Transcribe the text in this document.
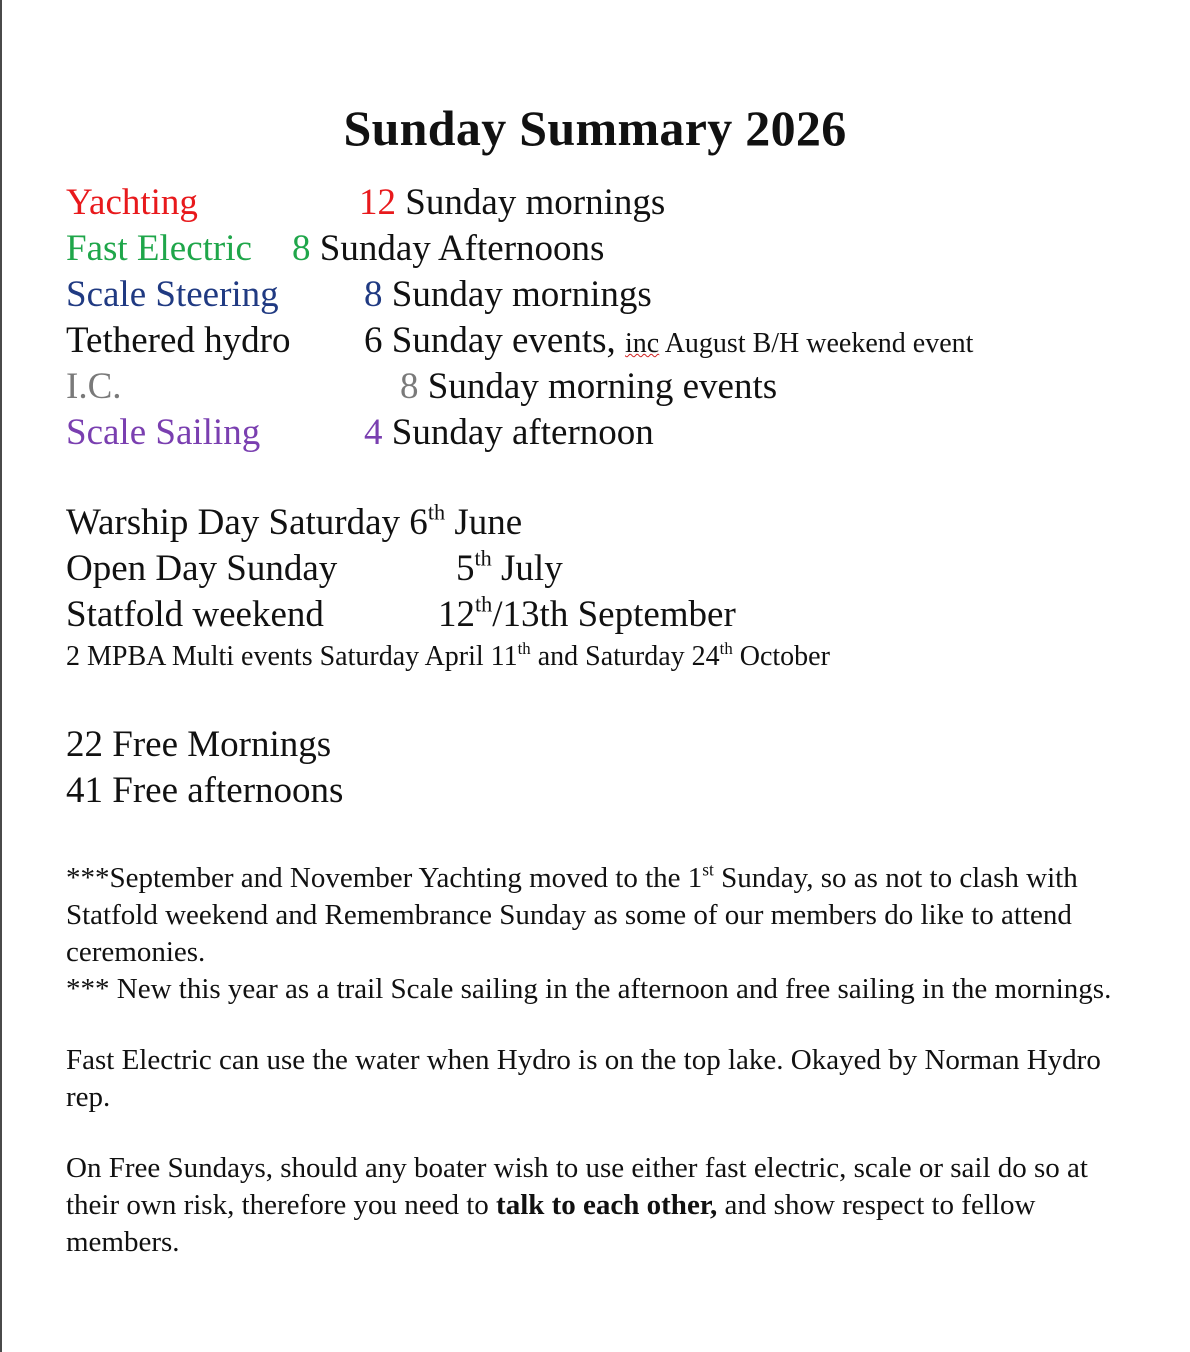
Sunday Summary 2026
Yachting	12 Sunday mornings
Fast Electric 8 Sunday Afternoons
Scale Steering 8 Sunday mornings
Tethered hydro 6 Sunday events, inc August B/H weekend event
I.C.	8 Sunday morning events
Scale Sailing	4 Sunday afternoon
Warship Day Saturday 6th June
Open Day Sunday	5th July
Statfold weekend	12th/13th September
2 MPBA Multi events Saturday April 11th and Saturday 24th October
22 Free Mornings
41 Free afternoons

***September and November Yachting moved to the 1st Sunday, so as not to clash with Statfold weekend and Remembrance Sunday as some of our members do like to attend ceremonies.

*** New this year as a trail Scale sailing in the afternoon and free sailing in the mornings.

Fast Electric can use the water when Hydro is on the top lake. Okayed by Norman Hydro rep.

On Free Sundays, should any boater wish to use either fast electric, scale or sail do so at their own risk, therefore you need to talk to each other, and show respect to fellow members.
